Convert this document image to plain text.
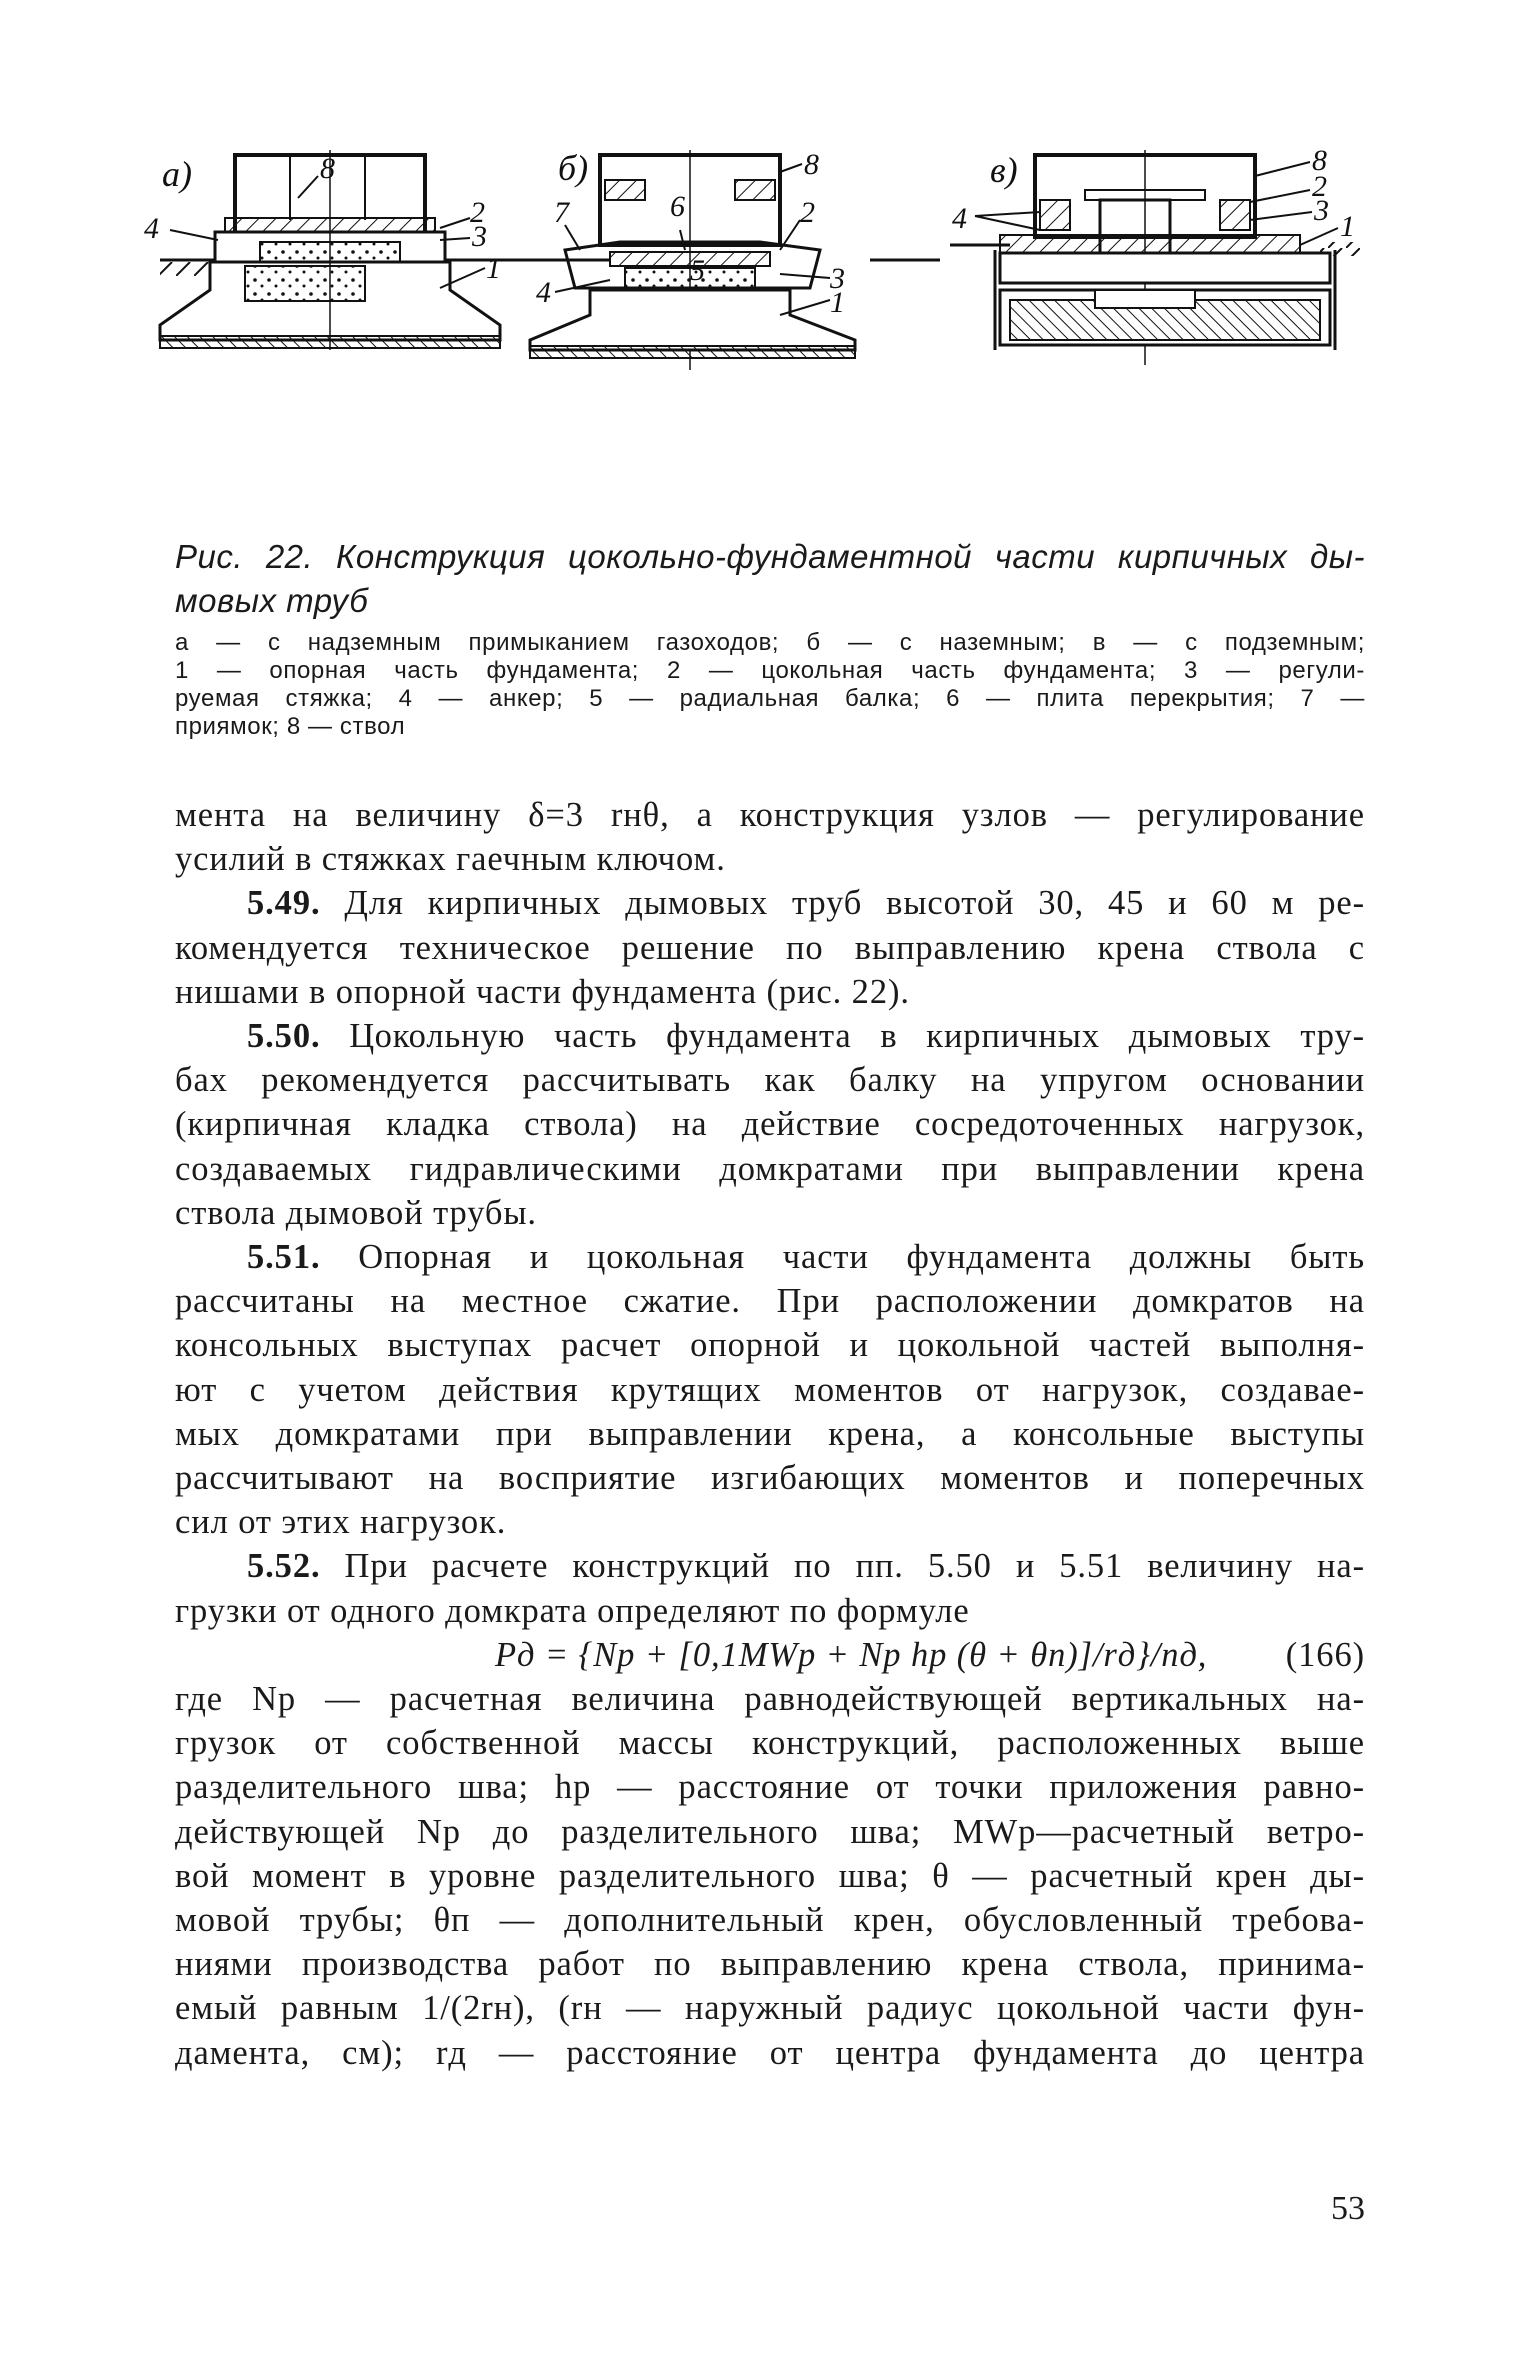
а)	б)	в)
8
4	2
3
1
8
7	6	2
5	3
4	1
8
2
3 1
4

Рис. 22. Конструкция цокольно-фундаментной части кирпичных ды-
мовых труб

а — с надземным примыканием газоходов; б — с наземным; в — с подземным;
1 — опорная часть фундамента; 2 — цокольная часть фундамента; 3 — регули-
руемая стяжка; 4 — анкер; 5 — радиальная балка; 6 — плита перекрытия; 7 —
приямок; 8 — ствол

мента на величину δ=3 rнθ, а конструкция узлов — регулирование
усилий в стяжках гаечным ключом.

5.49. Для кирпичных дымовых труб высотой 30, 45 и 60 м ре-
комендуется техническое решение по выправлению крена ствола с
нишами в опорной части фундамента (рис. 22).

5.50. Цокольную часть фундамента в кирпичных дымовых тру-
бах рекомендуется рассчитывать как балку на упругом основании
(кирпичная кладка ствола) на действие сосредоточенных нагрузок,
создаваемых гидравлическими домкратами при выправлении крена
ствола дымовой трубы.

5.51. Опорная и цокольная части фундамента должны быть
рассчитаны на местное сжатие. При расположении домкратов на
консольных выступах расчет опорной и цокольной частей выполня-
ют с учетом действия крутящих моментов от нагрузок, создавае-
мых домкратами при выправлении крена, а консольные выступы
рассчитывают на восприятие изгибающих моментов и поперечных
сил от этих нагрузок.

5.52. При расчете конструкций по пп. 5.50 и 5.51 величину на-
грузки от одного домкрата определяют по формуле

Pд = {Np + [0,1MWp + Np hp (θ + θп)]/rд}/nд, (166)

где Np — расчетная величина равнодействующей вертикальных на-
грузок от собственной массы конструкций, расположенных выше
разделительного шва; hp — расстояние от точки приложения равно-
действующей Np до разделительного шва; MWp—расчетный ветро-
вой момент в уровне разделительного шва; θ — расчетный крен ды-
мовой трубы; θп — дополнительный крен, обусловленный требова-
ниями производства работ по выправлению крена ствола, принима-
емый равным 1/(2rн), (rн — наружный радиус цокольной части фун-
дамента, см); rд — расстояние от центра фундамента до центра

53
